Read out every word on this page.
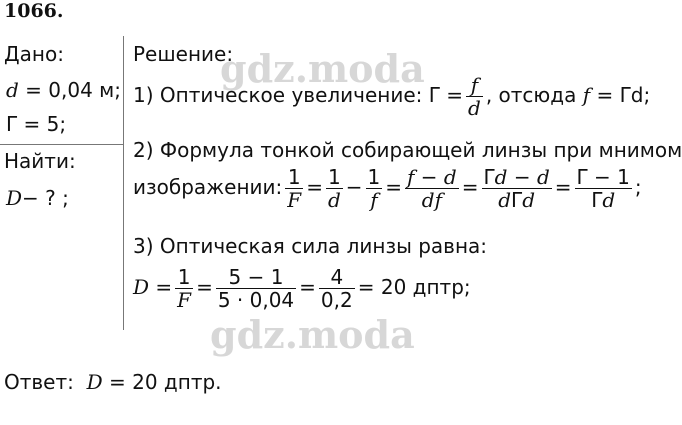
1066.
Дано:
d = 0,04 м;
Γ = 5;
Найти:
D− ? ;
Решение:
1) Оптическое увеличение: $\Gamma = \frac{f}{d}$ , отсюда f = Γd;
2) Формула тонкой собирающей линзы при мнимом
изображении: $\frac{1}{F} = \frac{1}{d} - \frac{1}{f} = \frac{f - d}{df} = \frac{\Gamma d - d}{\text{dΓd}} = \frac{\Gamma - 1}{\Gamma d}$ ;
3) Оптическая сила линзы равна:
$D = \frac{1}{F} = \frac{5 - 1}{5 \cdot 0,04} = \frac{4}{0,2} = 20$ дптр;
Ответ: D = 20 дптр.
gdz.moda
gdz.moda
